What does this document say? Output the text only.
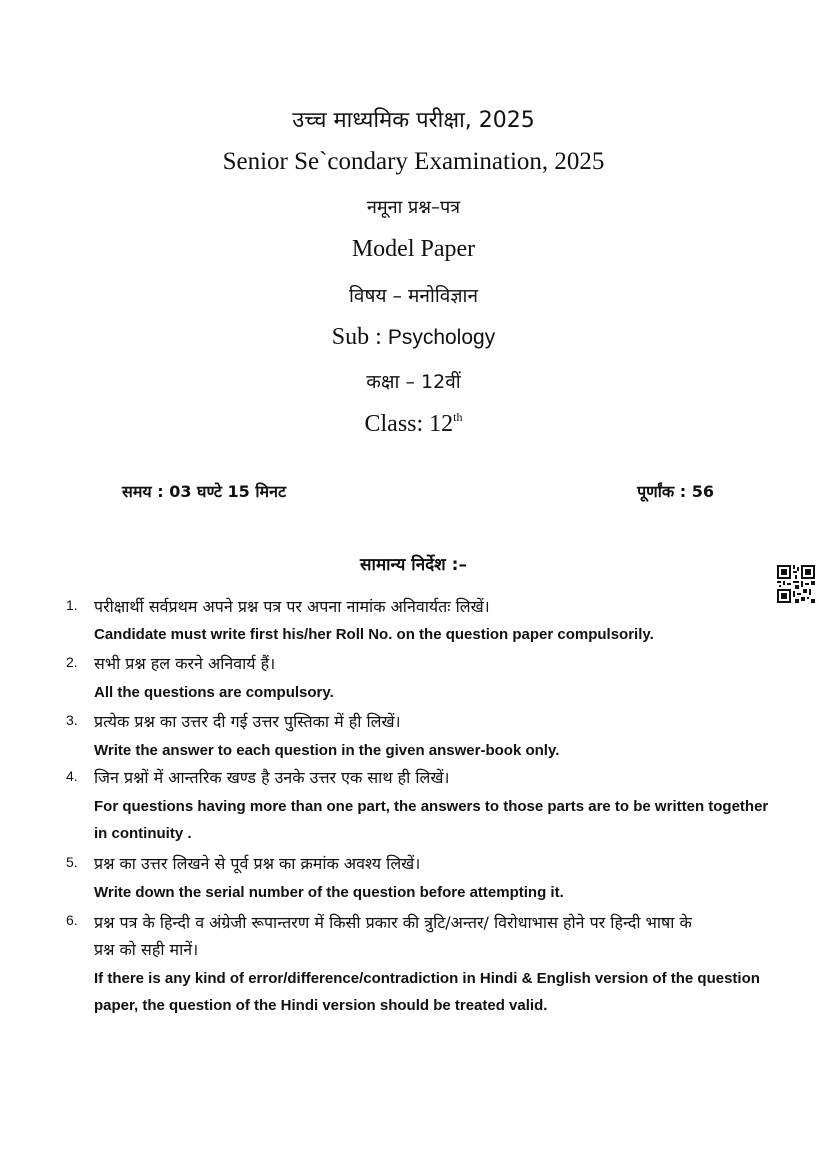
उच्च माध्यमिक परीक्षा, 2025
Senior Se`condary Examination, 2025
नमूना प्रश्न–पत्र
Model Paper
विषय – मनोविज्ञान
Sub : Psychology
कक्षा – 12वीं
Class: 12th
समय : 03 घण्टे 15 मिनट	पूर्णांक : 56
सामान्य निर्देश :–
1.	परीक्षार्थी सर्वप्रथम अपने प्रश्न पत्र पर अपना नामांक अनिवार्यतः लिखें।
Candidate must write first his/her Roll No. on the question paper compulsorily.
2.	सभी प्रश्न हल करने अनिवार्य हैं।
All the questions are compulsory.
3.	प्रत्येक प्रश्न का उत्तर दी गई उत्तर पुस्तिका में ही लिखें।
Write the answer to each question in the given answer-book only.
4.	जिन प्रश्नों में आन्तरिक खण्ड है उनके उत्तर एक साथ ही लिखें।
For questions having more than one part, the answers to those parts are to be written together in continuity .
5.	प्रश्न का उत्तर लिखने से पूर्व प्रश्न का क्रमांक अवश्य लिखें।
Write down the serial number of the question before attempting it.
6.	प्रश्न पत्र के हिन्दी व अंग्रेजी रूपान्तरण में किसी प्रकार की त्रुटि/अन्तर/ विरोधाभास होने पर हिन्दी भाषा के प्रश्न को सही मानें।
If there is any kind of error/difference/contradiction in Hindi & English version of the question paper, the question of the Hindi version should be treated valid.
